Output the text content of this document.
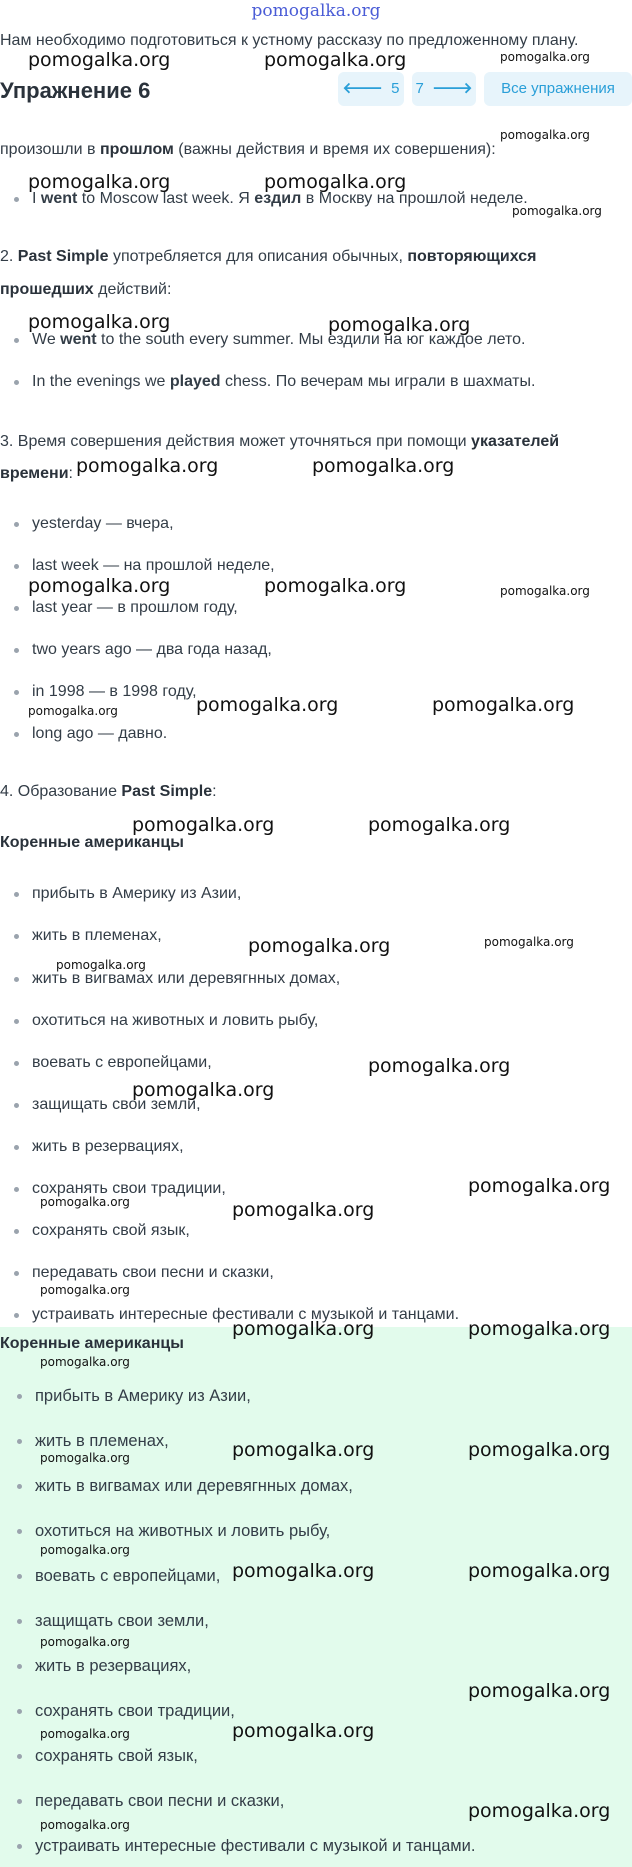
pomogalka.org
Нам необходимо подготовиться к устному рассказу по предложенному плану.
Упражнение 6	🡐 5	7 🡒	Все упражнения
произошли в прошлом (важны действия и время их совершения):
I went to Moscow last week. Я ездил в Москву на прошлой неделе.
2. Past Simple употребляется для описания обычных, повторяющихся
прошедших действий:
We went to the south every summer. Мы ездили на юг каждое лето.
In the evenings we played chess. По вечерам мы играли в шахматы.
3. Время совершения действия может уточняться при помощи указателей
времени:
yesterday — вчера,
last week — на прошлой неделе,
last year — в прошлом году,
two years ago — два года назад,
in 1998 — в 1998 году,
long ago — давно.
4. Образование Past Simple:
Коренные американцы
прибыть в Америку из Азии,
жить в племенах,
жить в вигвамах или деревягнных домах,
охотиться на животных и ловить рыбу,
воевать с европейцами,
защищать свои земли,
жить в резервациях,
сохранять свои традиции,
сохранять свой язык,
передавать свои песни и сказки,
устраивать интересные фестивали с музыкой и танцами.
Коренные американцы
прибыть в Америку из Азии,
жить в племенах,
жить в вигвамах или деревягнных домах,
охотиться на животных и ловить рыбу,
воевать с европейцами,
защищать свои земли,
жить в резервациях,
сохранять свои традиции,
сохранять свой язык,
передавать свои песни и сказки,
устраивать интересные фестивали с музыкой и танцами.
pomogalka.org	pomogalka.org
pomogalka.org	pomogalka.org
pomogalka.org	pomogalka.org
pomogalka.org	pomogalka.org
pomogalka.org	pomogalka.org
pomogalka.org	pomogalka.org
pomogalka.org	pomogalka.org
pomogalka.org
pomogalka.org
pomogalka.org
pomogalka.org
pomogalka.org
pomogalka.org	pomogalka.org
pomogalka.org	pomogalka.org
pomogalka.org	pomogalka.org
pomogalka.org
pomogalka.org
pomogalka.org
pomogalka.org
pomogalka.org
pomogalka.org
pomogalka.org
pomogalka.org
pomogalka.org
pomogalka.org
pomogalka.org
pomogalka.org
pomogalka.org
pomogalka.org
pomogalka.org
pomogalka.org
pomogalka.org
pomogalka.org
